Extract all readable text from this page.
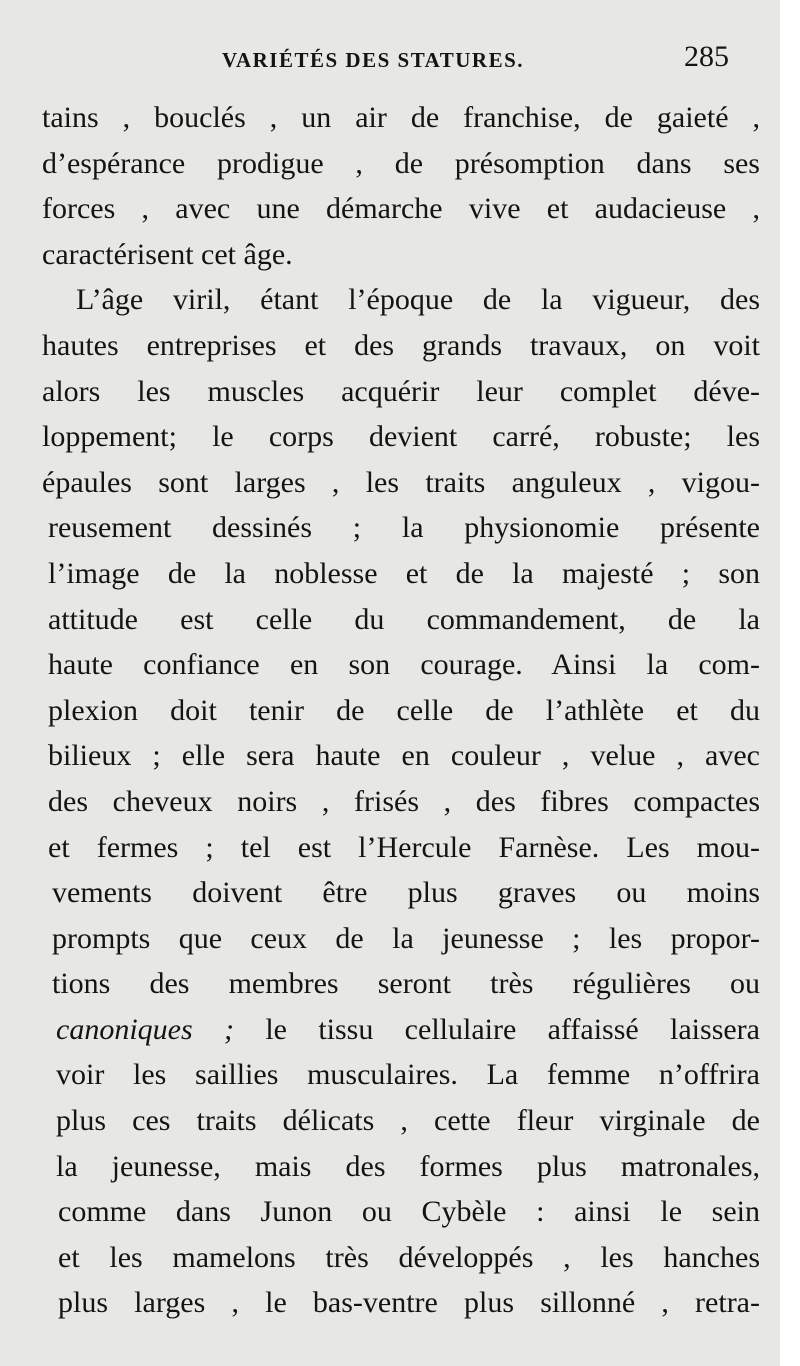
VARIÉTÉS DES STATURES.	285
tains , bouclés , un air de franchise, de gaieté ,
d’espérance prodigue , de présomption dans ses
forces , avec une démarche vive et audacieuse ,
caractérisent cet âge.
L’âge viril, étant l’époque de la vigueur, des
hautes entreprises et des grands travaux, on voit
alors les muscles acquérir leur complet déve-
loppement; le corps devient carré, robuste; les
épaules sont larges , les traits anguleux , vigou-
reusement dessinés ; la physionomie présente
l’image de la noblesse et de la majesté ; son
attitude est celle du commandement, de la
haute confiance en son courage. Ainsi la com-
plexion doit tenir de celle de l’athlète et du
bilieux ; elle sera haute en couleur , velue , avec
des cheveux noirs , frisés , des fibres compactes
et fermes ; tel est l’Hercule Farnèse. Les mou-
vements doivent être plus graves ou moins
prompts que ceux de la jeunesse ; les propor-
tions des membres seront très régulières ou
canoniques ; le tissu cellulaire affaissé laissera
voir les saillies musculaires. La femme n’offrira
plus ces traits délicats , cette fleur virginale de
la jeunesse, mais des formes plus matronales,
comme dans Junon ou Cybèle : ainsi le sein
et les mamelons très développés , les hanches
plus larges , le bas-ventre plus sillonné , retra-
